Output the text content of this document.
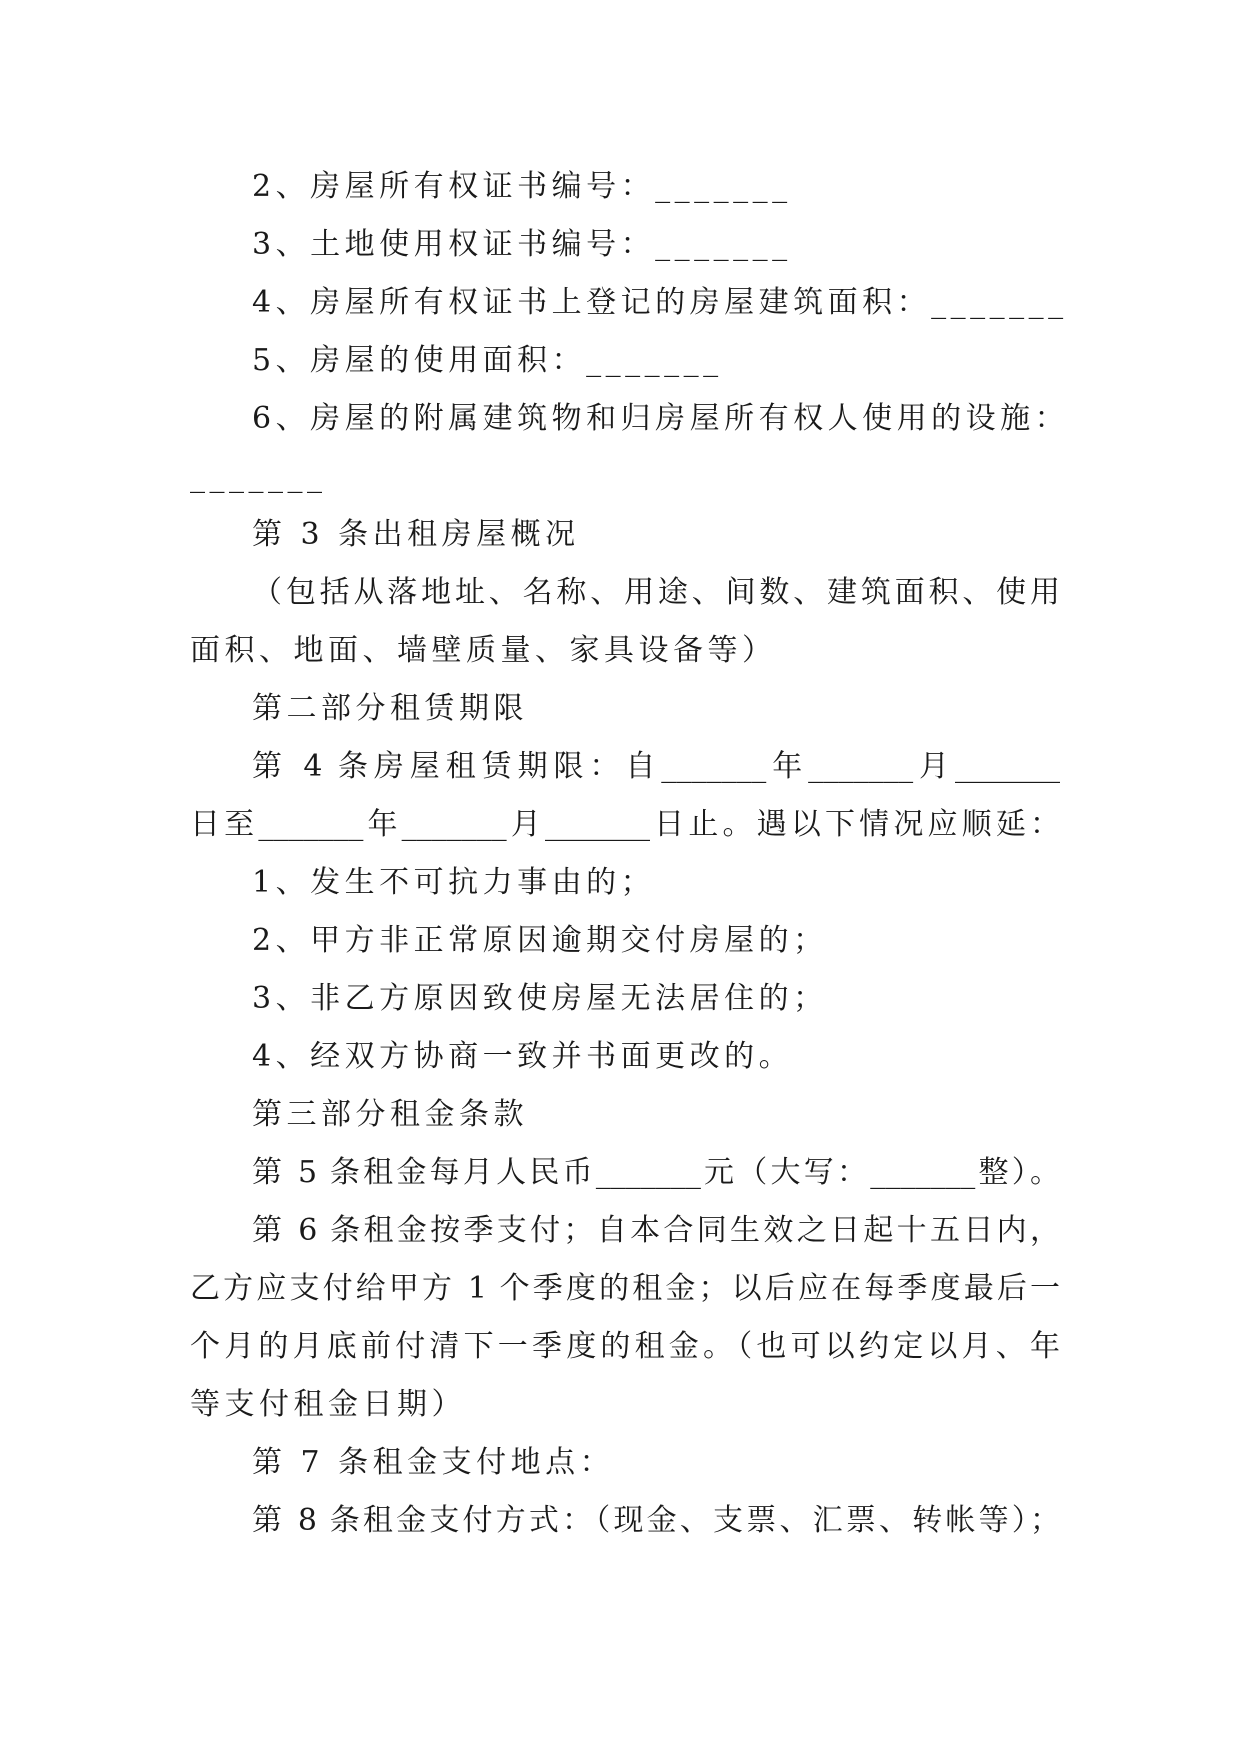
2、房屋所有权证书编号：_______
3、土地使用权证书编号：_______
4、房屋所有权证书上登记的房屋建筑面积：_______
5、房屋的使用面积：_______
6、房屋的附属建筑物和归房屋所有权人使用的设施：
_______
第 3 条出租房屋概况
（包括从落地址、名称、用途、间数、建筑面积、使用
面积、地面、墙壁质量、家具设备等）
第二部分租赁期限
第 4 条房屋租赁期限：自_______年_______月_______
日至_______年_______月_______日止。遇以下情况应顺延：
1、发生不可抗力事由的；
2、甲方非正常原因逾期交付房屋的；
3、非乙方原因致使房屋无法居住的；
4、经双方协商一致并书面更改的。
第三部分租金条款
第 5 条租金每月人民币_______元（大写：_______整）。
第 6 条租金按季支付；自本合同生效之日起十五日内，
乙方应支付给甲方 1 个季度的租金；以后应在每季度最后一
个月的月底前付清下一季度的租金。（也可以约定以月、年
等支付租金日期）
第 7 条租金支付地点：
第 8 条租金支付方式：（现金、支票、汇票、转帐等）；
